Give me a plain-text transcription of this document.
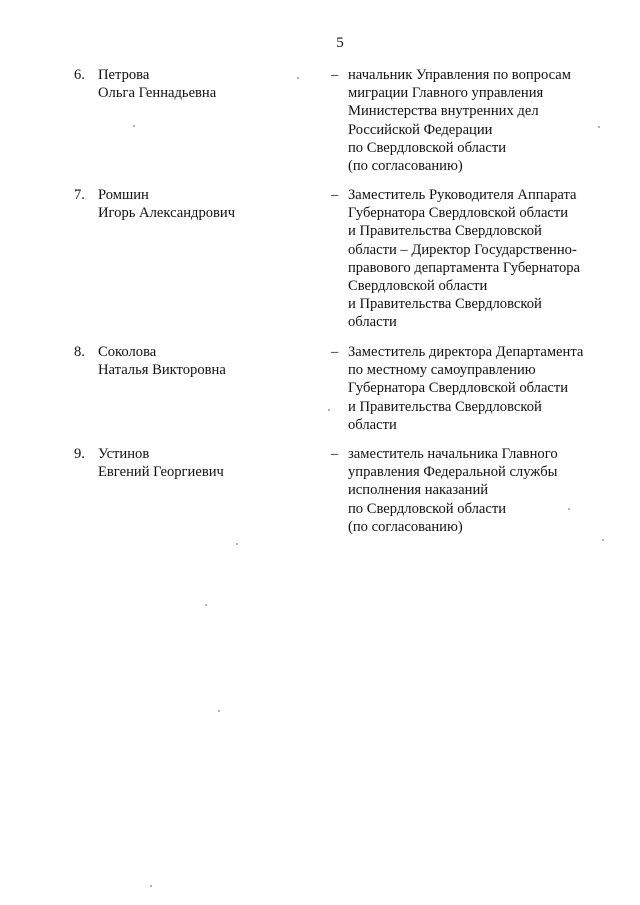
5
6. Петрова
Ольга Геннадьевна
– начальник Управления по вопросам
миграции Главного управления
Министерства внутренних дел
Российской Федерации
по Свердловской области
(по согласованию)
7. Ромшин
Игорь Александрович
– Заместитель Руководителя Аппарата
Губернатора Свердловской области
и Правительства Свердловской
области – Директор Государственно-
правового департамента Губернатора
Свердловской области
и Правительства Свердловской
области
8. Соколова
Наталья Викторовна
– Заместитель директора Департамента
по местному самоуправлению
Губернатора Свердловской области
и Правительства Свердловской
области
9. Устинов
Евгений Георгиевич
– заместитель начальника Главного
управления Федеральной службы
исполнения наказаний
по Свердловской области
(по согласованию)
